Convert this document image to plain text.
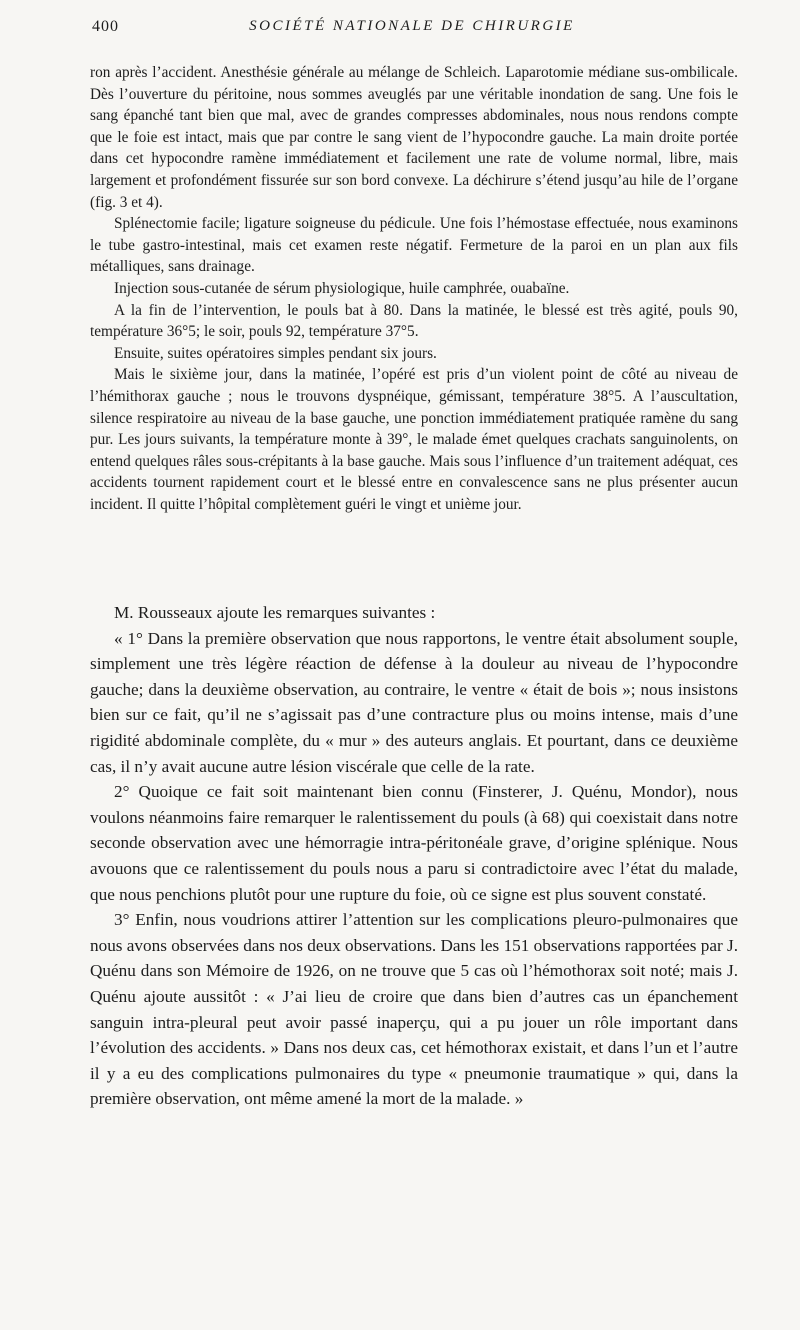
400	SOCIÉTÉ NATIONALE DE CHIRURGIE

ron après l’accident. Anesthésie générale au mélange de Schleich. Laparotomie médiane sus-ombilicale. Dès l’ouverture du péritoine, nous sommes aveuglés par une véritable inondation de sang. Une fois le sang épanché tant bien que mal, avec de grandes compresses abdominales, nous nous rendons compte que le foie est intact, mais que par contre le sang vient de l’hypocondre gauche. La main droite portée dans cet hypocondre ramène immédiatement et facilement une rate de volume normal, libre, mais largement et profondément fissurée sur son bord convexe. La déchirure s’étend jusqu’au hile de l’organe (fig. 3 et 4).

Splénectomie facile; ligature soigneuse du pédicule. Une fois l’hémostase effectuée, nous examinons le tube gastro-intestinal, mais cet examen reste négatif. Fermeture de la paroi en un plan aux fils métalliques, sans drainage.

Injection sous-cutanée de sérum physiologique, huile camphrée, ouabaïne.

A la fin de l’intervention, le pouls bat à 80. Dans la matinée, le blessé est très agité, pouls 90, température 36°5; le soir, pouls 92, température 37°5.

Ensuite, suites opératoires simples pendant six jours.

Mais le sixième jour, dans la matinée, l’opéré est pris d’un violent point de côté au niveau de l’hémithorax gauche ; nous le trouvons dyspnéique, gémissant, température 38°5. A l’auscultation, silence respiratoire au niveau de la base gauche, une ponction immédiatement pratiquée ramène du sang pur. Les jours suivants, la température monte à 39°, le malade émet quelques crachats sanguinolents, on entend quelques râles sous-crépitants à la base gauche. Mais sous l’influence d’un traitement adéquat, ces accidents tournent rapidement court et le blessé entre en convalescence sans ne plus présenter aucun incident. Il quitte l’hôpital complètement guéri le vingt et unième jour.

M. Rousseaux ajoute les remarques suivantes :

« 1° Dans la première observation que nous rapportons, le ventre était absolument souple, simplement une très légère réaction de défense à la douleur au niveau de l’hypocondre gauche; dans la deuxième observation, au contraire, le ventre « était de bois »; nous insistons bien sur ce fait, qu’il ne s’agissait pas d’une contracture plus ou moins intense, mais d’une rigidité abdominale complète, du « mur » des auteurs anglais. Et pourtant, dans ce deuxième cas, il n’y avait aucune autre lésion viscérale que celle de la rate.

2° Quoique ce fait soit maintenant bien connu (Finsterer, J. Quénu, Mondor), nous voulons néanmoins faire remarquer le ralentissement du pouls (à 68) qui coexistait dans notre seconde observation avec une hémorragie intra-péritonéale grave, d’origine splénique. Nous avouons que ce ralentissement du pouls nous a paru si contradictoire avec l’état du malade, que nous penchions plutôt pour une rupture du foie, où ce signe est plus souvent constaté.

3° Enfin, nous voudrions attirer l’attention sur les complications pleuro-pulmonaires que nous avons observées dans nos deux observations. Dans les 151 observations rapportées par J. Quénu dans son Mémoire de 1926, on ne trouve que 5 cas où l’hémothorax soit noté; mais J. Quénu ajoute aussitôt : « J’ai lieu de croire que dans bien d’autres cas un épanchement sanguin intra-pleural peut avoir passé inaperçu, qui a pu jouer un rôle important dans l’évolution des accidents. » Dans nos deux cas, cet hémothorax existait, et dans l’un et l’autre il y a eu des complications pulmonaires du type « pneumonie traumatique » qui, dans la première observation, ont même amené la mort de la malade. »
